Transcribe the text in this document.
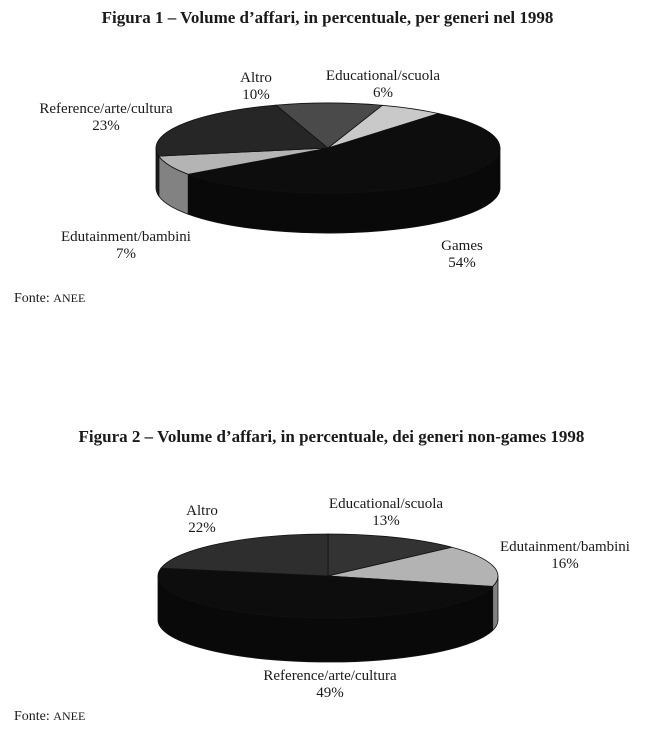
Figura 1 – Volume d’affari, in percentuale, per generi nel 1998
Educational/scuola
6%
Games
54%
Edutainment/bambini
7%
Reference/arte/cultura
23%
Altro
10%

Fonte: ANEE

Figura 2 – Volume d’affari, in percentuale, dei generi non-games 1998
Educational/scuola
13%
Edutainment/bambini
16%
Reference/arte/cultura
49%
Altro
22%

Fonte: ANEE
